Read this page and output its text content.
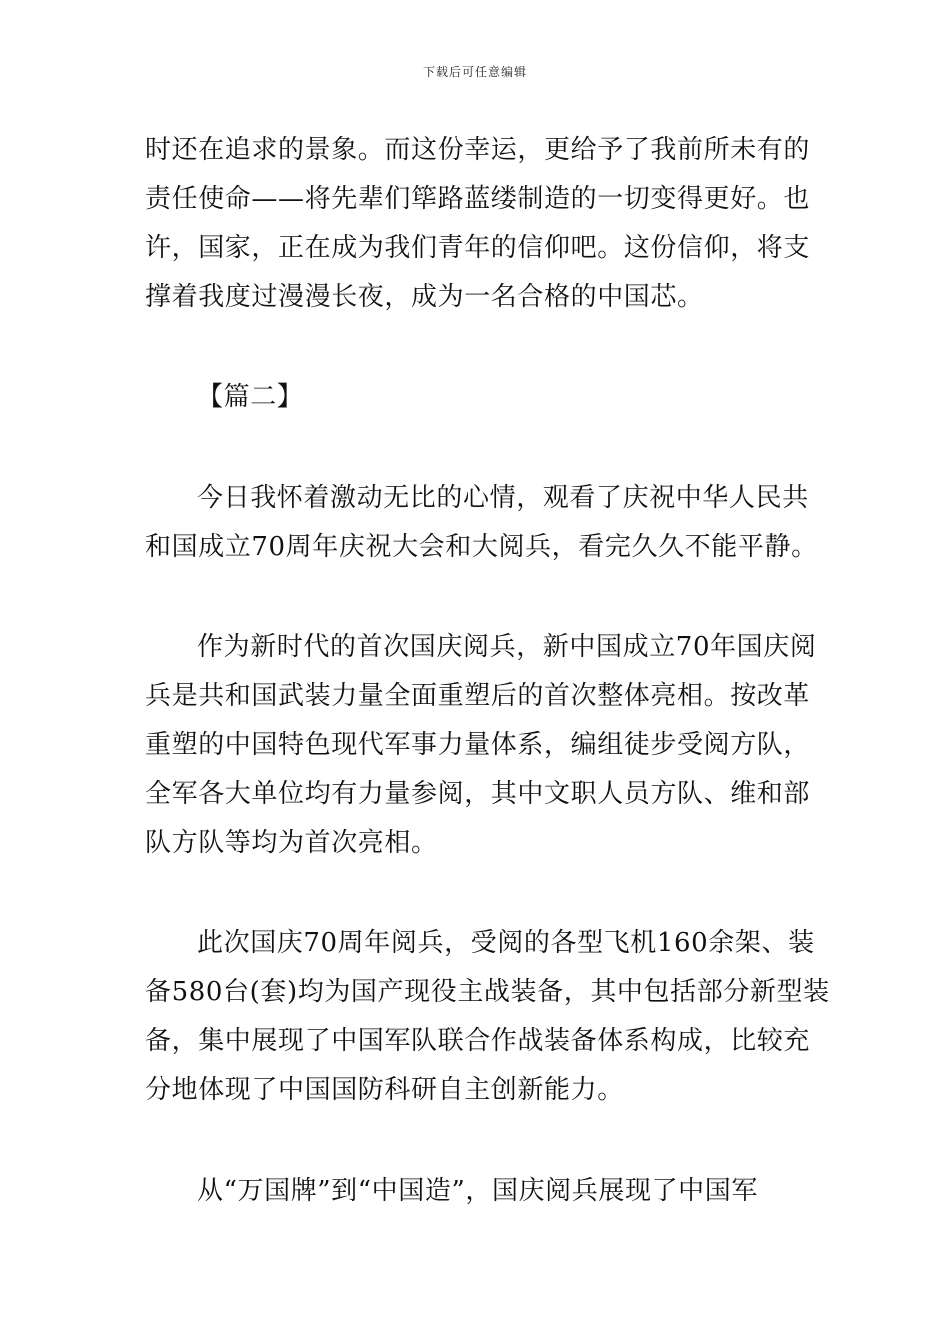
下载后可任意编辑
时还在追求的景象。而这份幸运，更给予了我前所未有的
责任使命——将先辈们筚路蓝缕制造的一切变得更好。也
许，国家，正在成为我们青年的信仰吧。这份信仰，将支
撑着我度过漫漫长夜，成为一名合格的中国芯。
【篇二】
今日我怀着激动无比的心情，观看了庆祝中华人民共
和国成立70周年庆祝大会和大阅兵，看完久久不能平静。
作为新时代的首次国庆阅兵，新中国成立70年国庆阅
兵是共和国武装力量全面重塑后的首次整体亮相。按改革
重塑的中国特色现代军事力量体系，编组徒步受阅方队，
全军各大单位均有力量参阅，其中文职人员方队、维和部
队方队等均为首次亮相。
此次国庆70周年阅兵，受阅的各型飞机160余架、装
备580台(套)均为国产现役主战装备，其中包括部分新型装
备，集中展现了中国军队联合作战装备体系构成，比较充
分地体现了中国国防科研自主创新能力。
从“万国牌”到“中国造”，国庆阅兵展现了中国军
